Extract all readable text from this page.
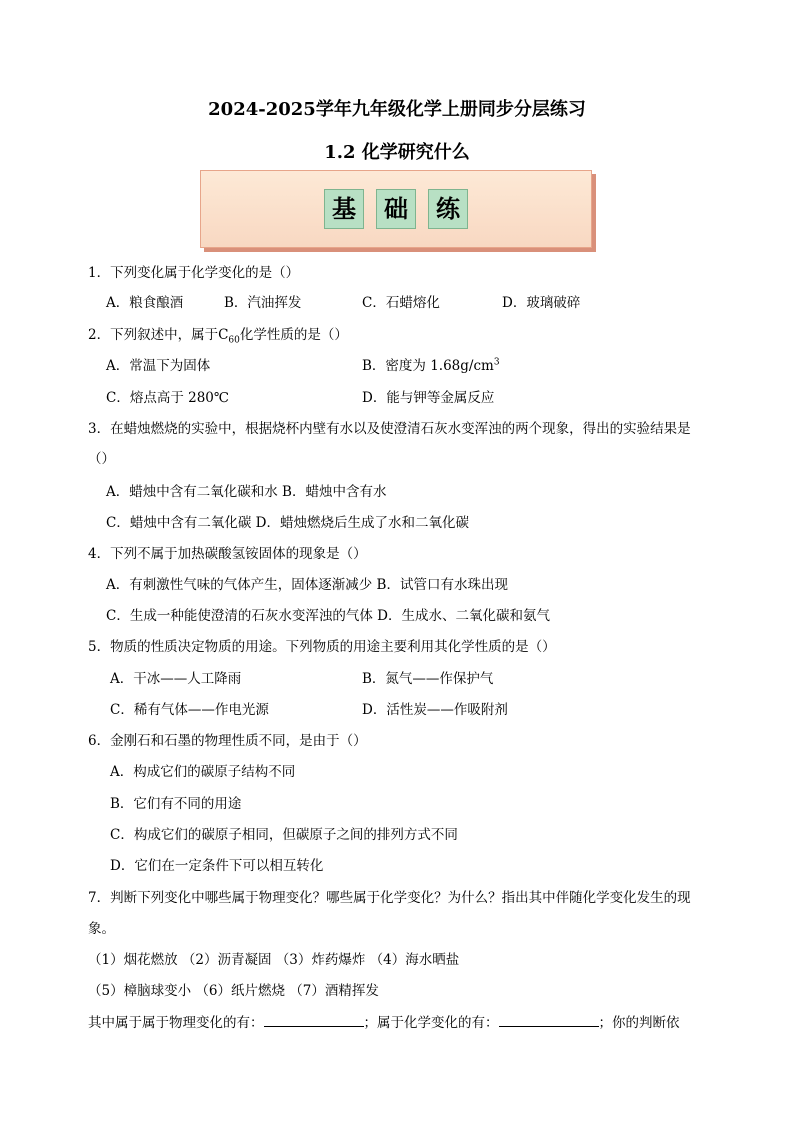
2024-2025学年九年级化学上册同步分层练习
1.2 化学研究什么
基 础 练
1．下列变化属于化学变化的是（）
A．粮食酿酒	B．汽油挥发	C．石蜡熔化	D．玻璃破碎
2．下列叙述中，属于$C_{60}$化学性质的是（）
A．常温下为固体	B．密度为 $1.68g/cm^3$
C．熔点高于 280℃	D．能与钾等金属反应
3．在蜡烛燃烧的实验中，根据烧杯内壁有水以及使澄清石灰水变浑浊的两个现象，得出的实验结果是
（）
A．蜡烛中含有二氧化碳和水 B．蜡烛中含有水
C．蜡烛中含有二氧化碳 D．蜡烛燃烧后生成了水和二氧化碳
4．下列不属于加热碳酸氢铵固体的现象是（）
A．有刺激性气味的气体产生，固体逐渐减少 B．试管口有水珠出现
C．生成一种能使澄清的石灰水变浑浊的气体 D．生成水、二氧化碳和氨气
5．物质的性质决定物质的用途。下列物质的用途主要利用其化学性质的是（）
A．干冰——人工降雨	B．氮气——作保护气
C．稀有气体——作电光源	D．活性炭——作吸附剂
6．金刚石和石墨的物理性质不同，是由于（）
A．构成它们的碳原子结构不同
B．它们有不同的用途
C．构成它们的碳原子相同，但碳原子之间的排列方式不同
D．它们在一定条件下可以相互转化
7．判断下列变化中哪些属于物理变化？哪些属于化学变化？为什么？指出其中伴随化学变化发生的现
象。
（1）烟花燃放 （2）沥青凝固 （3）炸药爆炸 （4）海水晒盐
（5）樟脑球变小 （6）纸片燃烧 （7）酒精挥发
其中属于属于物理变化的有：	；属于化学变化的有：	；你的判断依
